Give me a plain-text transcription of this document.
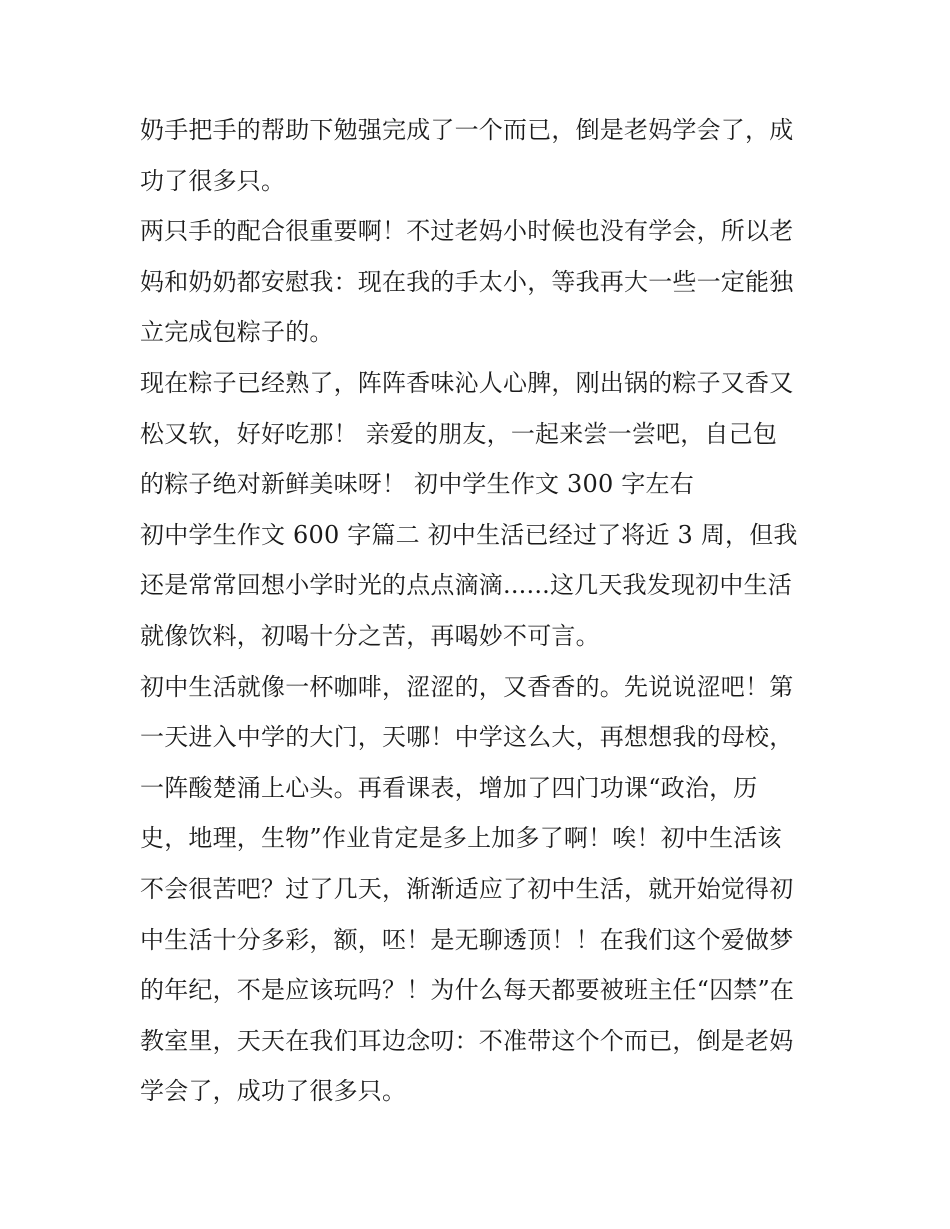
奶手把手的帮助下勉强完成了一个而已，倒是老妈学会了，成
功了很多只。
两只手的配合很重要啊！不过老妈小时候也没有学会，所以老
妈和奶奶都安慰我：现在我的手太小，等我再大一些一定能独
立完成包粽子的。
现在粽子已经熟了，阵阵香味沁人心脾，刚出锅的粽子又香又
松又软，好好吃那！ 亲爱的朋友，一起来尝一尝吧，自己包
的粽子绝对新鲜美味呀！ 初中学生作文 300 字左右
初中学生作文 600 字篇二 初中生活已经过了将近 3 周，但我
还是常常回想小学时光的点点滴滴......这几天我发现初中生活
就像饮料，初喝十分之苦，再喝妙不可言。
初中生活就像一杯咖啡，涩涩的，又香香的。先说说涩吧！第
一天进入中学的大门，天哪！中学这么大，再想想我的母校，
一阵酸楚涌上心头。再看课表，增加了四门功课“政治，历
史，地理，生物”作业肯定是多上加多了啊！唉！初中生活该
不会很苦吧？过了几天，渐渐适应了初中生活，就开始觉得初
中生活十分多彩，额，呸！是无聊透顶！！在我们这个爱做梦
的年纪，不是应该玩吗？！为什么每天都要被班主任“囚禁”在
教室里，天天在我们耳边念叨：不准带这个个而已，倒是老妈
学会了，成功了很多只。
